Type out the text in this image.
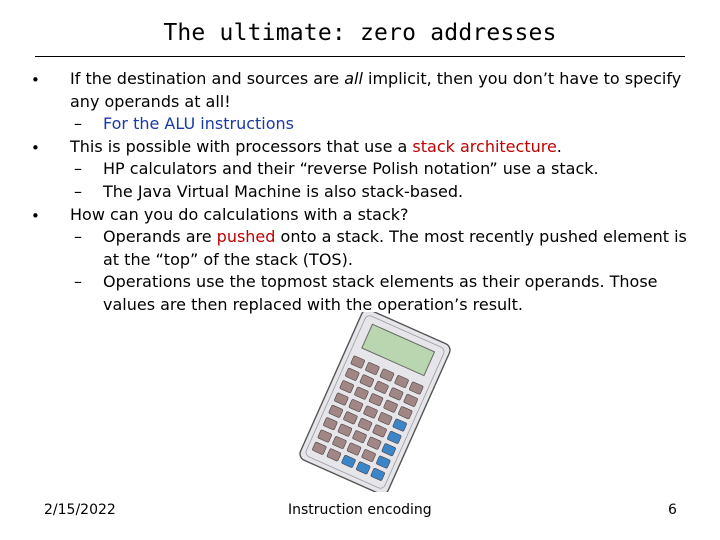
The ultimate: zero addresses
• If the destination and sources are all implicit, then you don’t have to specify any operands at all!
– For the ALU instructions
• This is possible with processors that use a stack architecture.
– HP calculators and their “reverse Polish notation” use a stack.
– The Java Virtual Machine is also stack-based.
• How can you do calculations with a stack?
– Operands are pushed onto a stack. The most recently pushed element is at the “top” of the stack (TOS).
– Operations use the topmost stack elements as their operands. Those values are then replaced with the operation’s result.
2/15/2022	Instruction encoding	6
